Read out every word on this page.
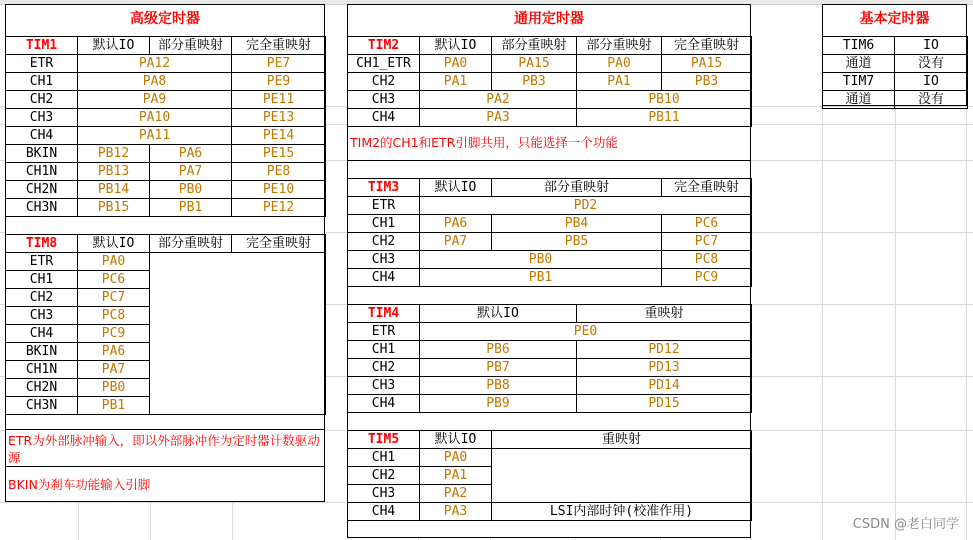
高级定时器
TIM1	默认IO	部分重映射	完全重映射
ETR	PA12		PE7
CH1	PA8		PE9
CH2	PA9		PE11
CH3	PA10		PE13
CH4	PA11		PE14
BKIN	PB12	PA6	PE15
CH1N	PB13	PA7	PE8
CH2N	PB14	PB0	PE10
CH3N	PB15	PB1	PE12
TIM8	默认IO	部分重映射	完全重映射
ETR	PA0		
CH1	PC6		
CH2	PC7		
CH3	PC8		
CH4	PC9		
BKIN	PA6		
CH1N	PA7		
CH2N	PB0		
CH3N	PB1		
ETR为外部脉冲输入，即以外部脉冲作为定时器计数驱动源
BKIN为刹车功能输入引脚
通用定时器
TIM2	默认IO	部分重映射	部分重映射	完全重映射
CH1_ETR	PA0	PA15	PA0	PA15
CH2	PA1	PB3	PA1	PB3
CH3	PA2		PB10	
CH4	PA3		PB11	
TIM2的CH1和ETR引脚共用，只能选择一个功能
TIM3	默认IO	部分重映射	完全重映射
ETR	PD2		
CH1	PA6	PB4	PC6
CH2	PA7	PB5	PC7
CH3	PB0		PC8
CH4	PB1		PC9
TIM4	默认IO	重映射
ETR	PE0	
CH1	PB6	PD12
CH2	PB7	PD13
CH3	PB8	PD14
CH4	PB9	PD15
TIM5	默认IO	重映射
CH1	PA0	
CH2	PA1	
CH3	PA2	
CH4	PA3	LSI内部时钟(校准作用)
基本定时器
TIM6	IO
通道	没有
TIM7	IO
通道	没有
CSDN @老白同学
